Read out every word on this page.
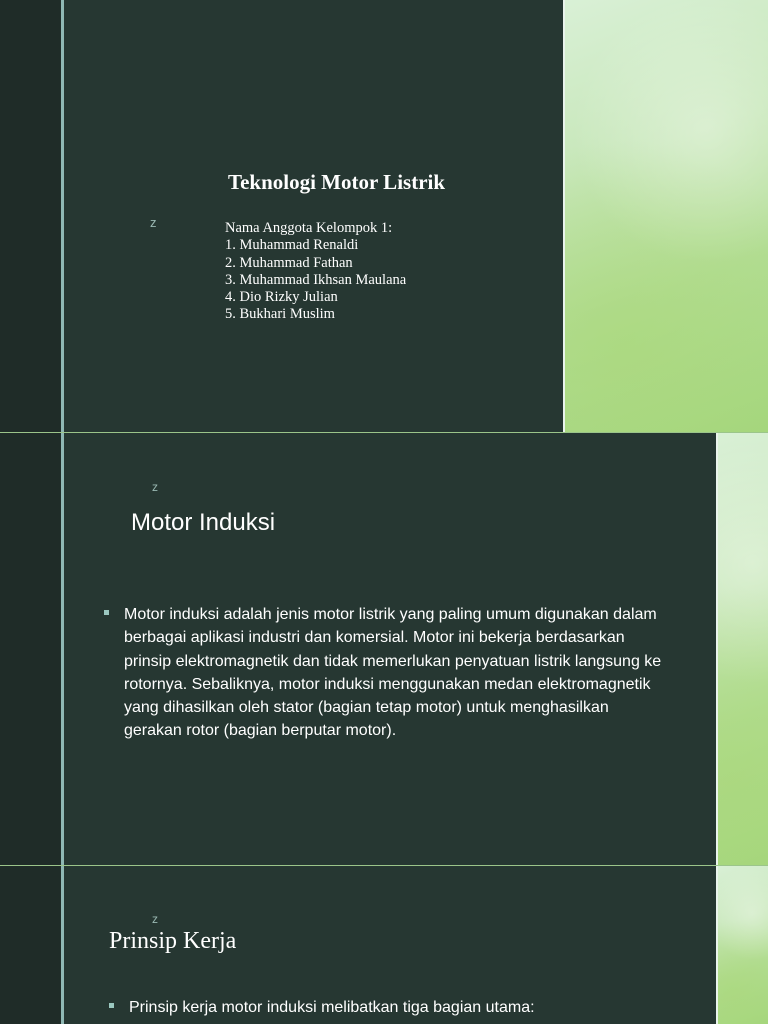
z
Teknologi Motor Listrik
Nama Anggota Kelompok 1:
1. Muhammad Renaldi
2. Muhammad Fathan
3. Muhammad Ikhsan Maulana
4. Dio Rizky Julian
5. Bukhari Muslim
z
Motor Induksi
Motor induksi adalah jenis motor listrik yang paling umum digunakan dalam berbagai aplikasi industri dan komersial. Motor ini bekerja berdasarkan prinsip elektromagnetik dan tidak memerlukan penyatuan listrik langsung ke rotornya. Sebaliknya, motor induksi menggunakan medan elektromagnetik yang dihasilkan oleh stator (bagian tetap motor) untuk menghasilkan gerakan rotor (bagian berputar motor).
z
Prinsip Kerja
Prinsip kerja motor induksi melibatkan tiga bagian utama:
